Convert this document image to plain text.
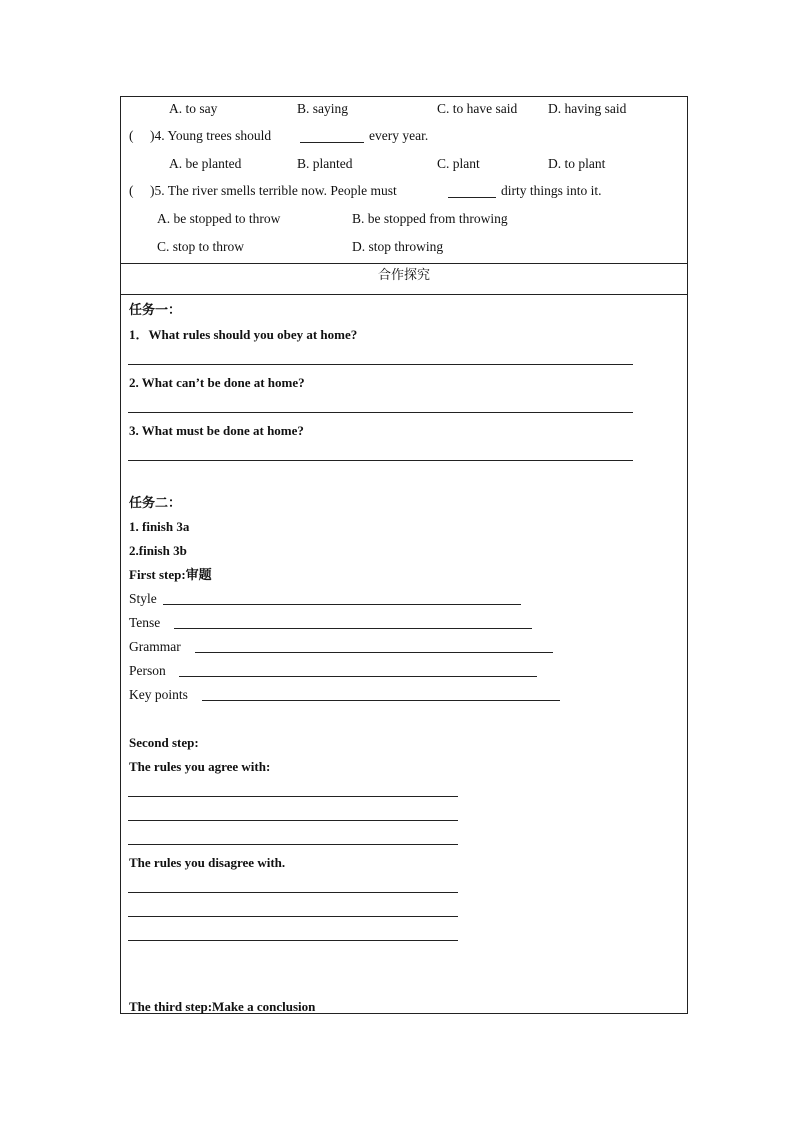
A. to say	B. saying	C. to have said D. having said
( )4. Young trees should	every year.
A. be planted	B. planted	C. plant	D. to plant
( )5. The river smells terrible now. People must	dirty things into it.
A. be stopped to throw	B. be stopped from throwing
C. stop to throw	D. stop throwing
合作探究
任务一：
1．What rules should you obey at home?
2. What can’t be done at home?
3. What must be done at home?
任务二：
1. finish 3a
2.finish 3b
First step:审题
Style
Tense
Grammar
Person
Key points
Second step:
The rules you agree with:
The rules you disagree with.
The third step:Make a conclusion
